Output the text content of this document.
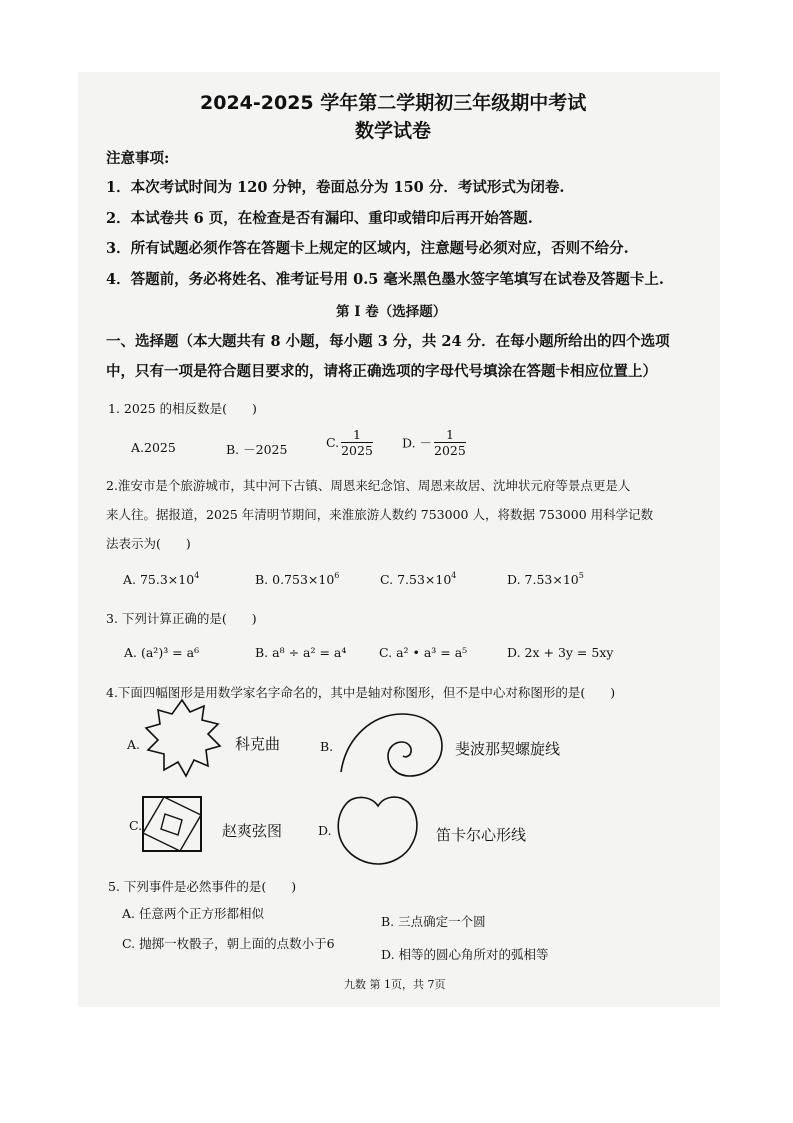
2024-2025 学年第二学期初三年级期中考试
数学试卷
注意事项:
1．本次考试时间为 120 分钟，卷面总分为 150 分．考试形式为闭卷.
2．本试卷共 6 页，在检查是否有漏印、重印或错印后再开始答题.
3．所有试题必须作答在答题卡上规定的区域内，注意题号必须对应，否则不给分.
4．答题前，务必将姓名、准考证号用 0.5 毫米黑色墨水签字笔填写在试卷及答题卡上.
第 I 卷（选择题）
一、选择题（本大题共有 8 小题，每小题 3 分，共 24 分．在每小题所给出的四个选项
中，只有一项是符合题目要求的，请将正确选项的字母代号填涂在答题卡相应位置上）
1. 2025 的相反数是(　　)
A.2025	B. －2025	C. $\frac{1}{2025} D$. － $\frac{1}{2025}$
2.淮安市是个旅游城市，其中河下古镇、周恩来纪念馆、周恩来故居、沈坤状元府等景点更是人
来人往。据报道，2025 年清明节期间，来淮旅游人数约 753000 人，将数据 753000 用科学记数
法表示为(　　)
A. $75.3\times 10^4$	B. $0.753\times 10^6$	C. $7.53\times 10^4$	D. $7.53\times 10^5$
3. 下列计算正确的是(　　)
A. (a²)³ = a⁶	B. a⁸ ÷ a² = a⁴	C. a² • a³ = a⁵	D. 2x + 3y = 5xy
4.下面四幅图形是用数学家名字命名的，其中是轴对称图形，但不是中心对称图形的是(　　)
A.	科克曲	B.	斐波那契螺旋线
C.	赵爽弦图	D.	笛卡尔心形线
5. 下列事件是必然事件的是(　　)
A. 任意两个正方形都相似
B. 三点确定一个圆
C. 抛掷一枚骰子，朝上面的点数小于6
D. 相等的圆心角所对的弧相等
九数 第 1页，共 7页
